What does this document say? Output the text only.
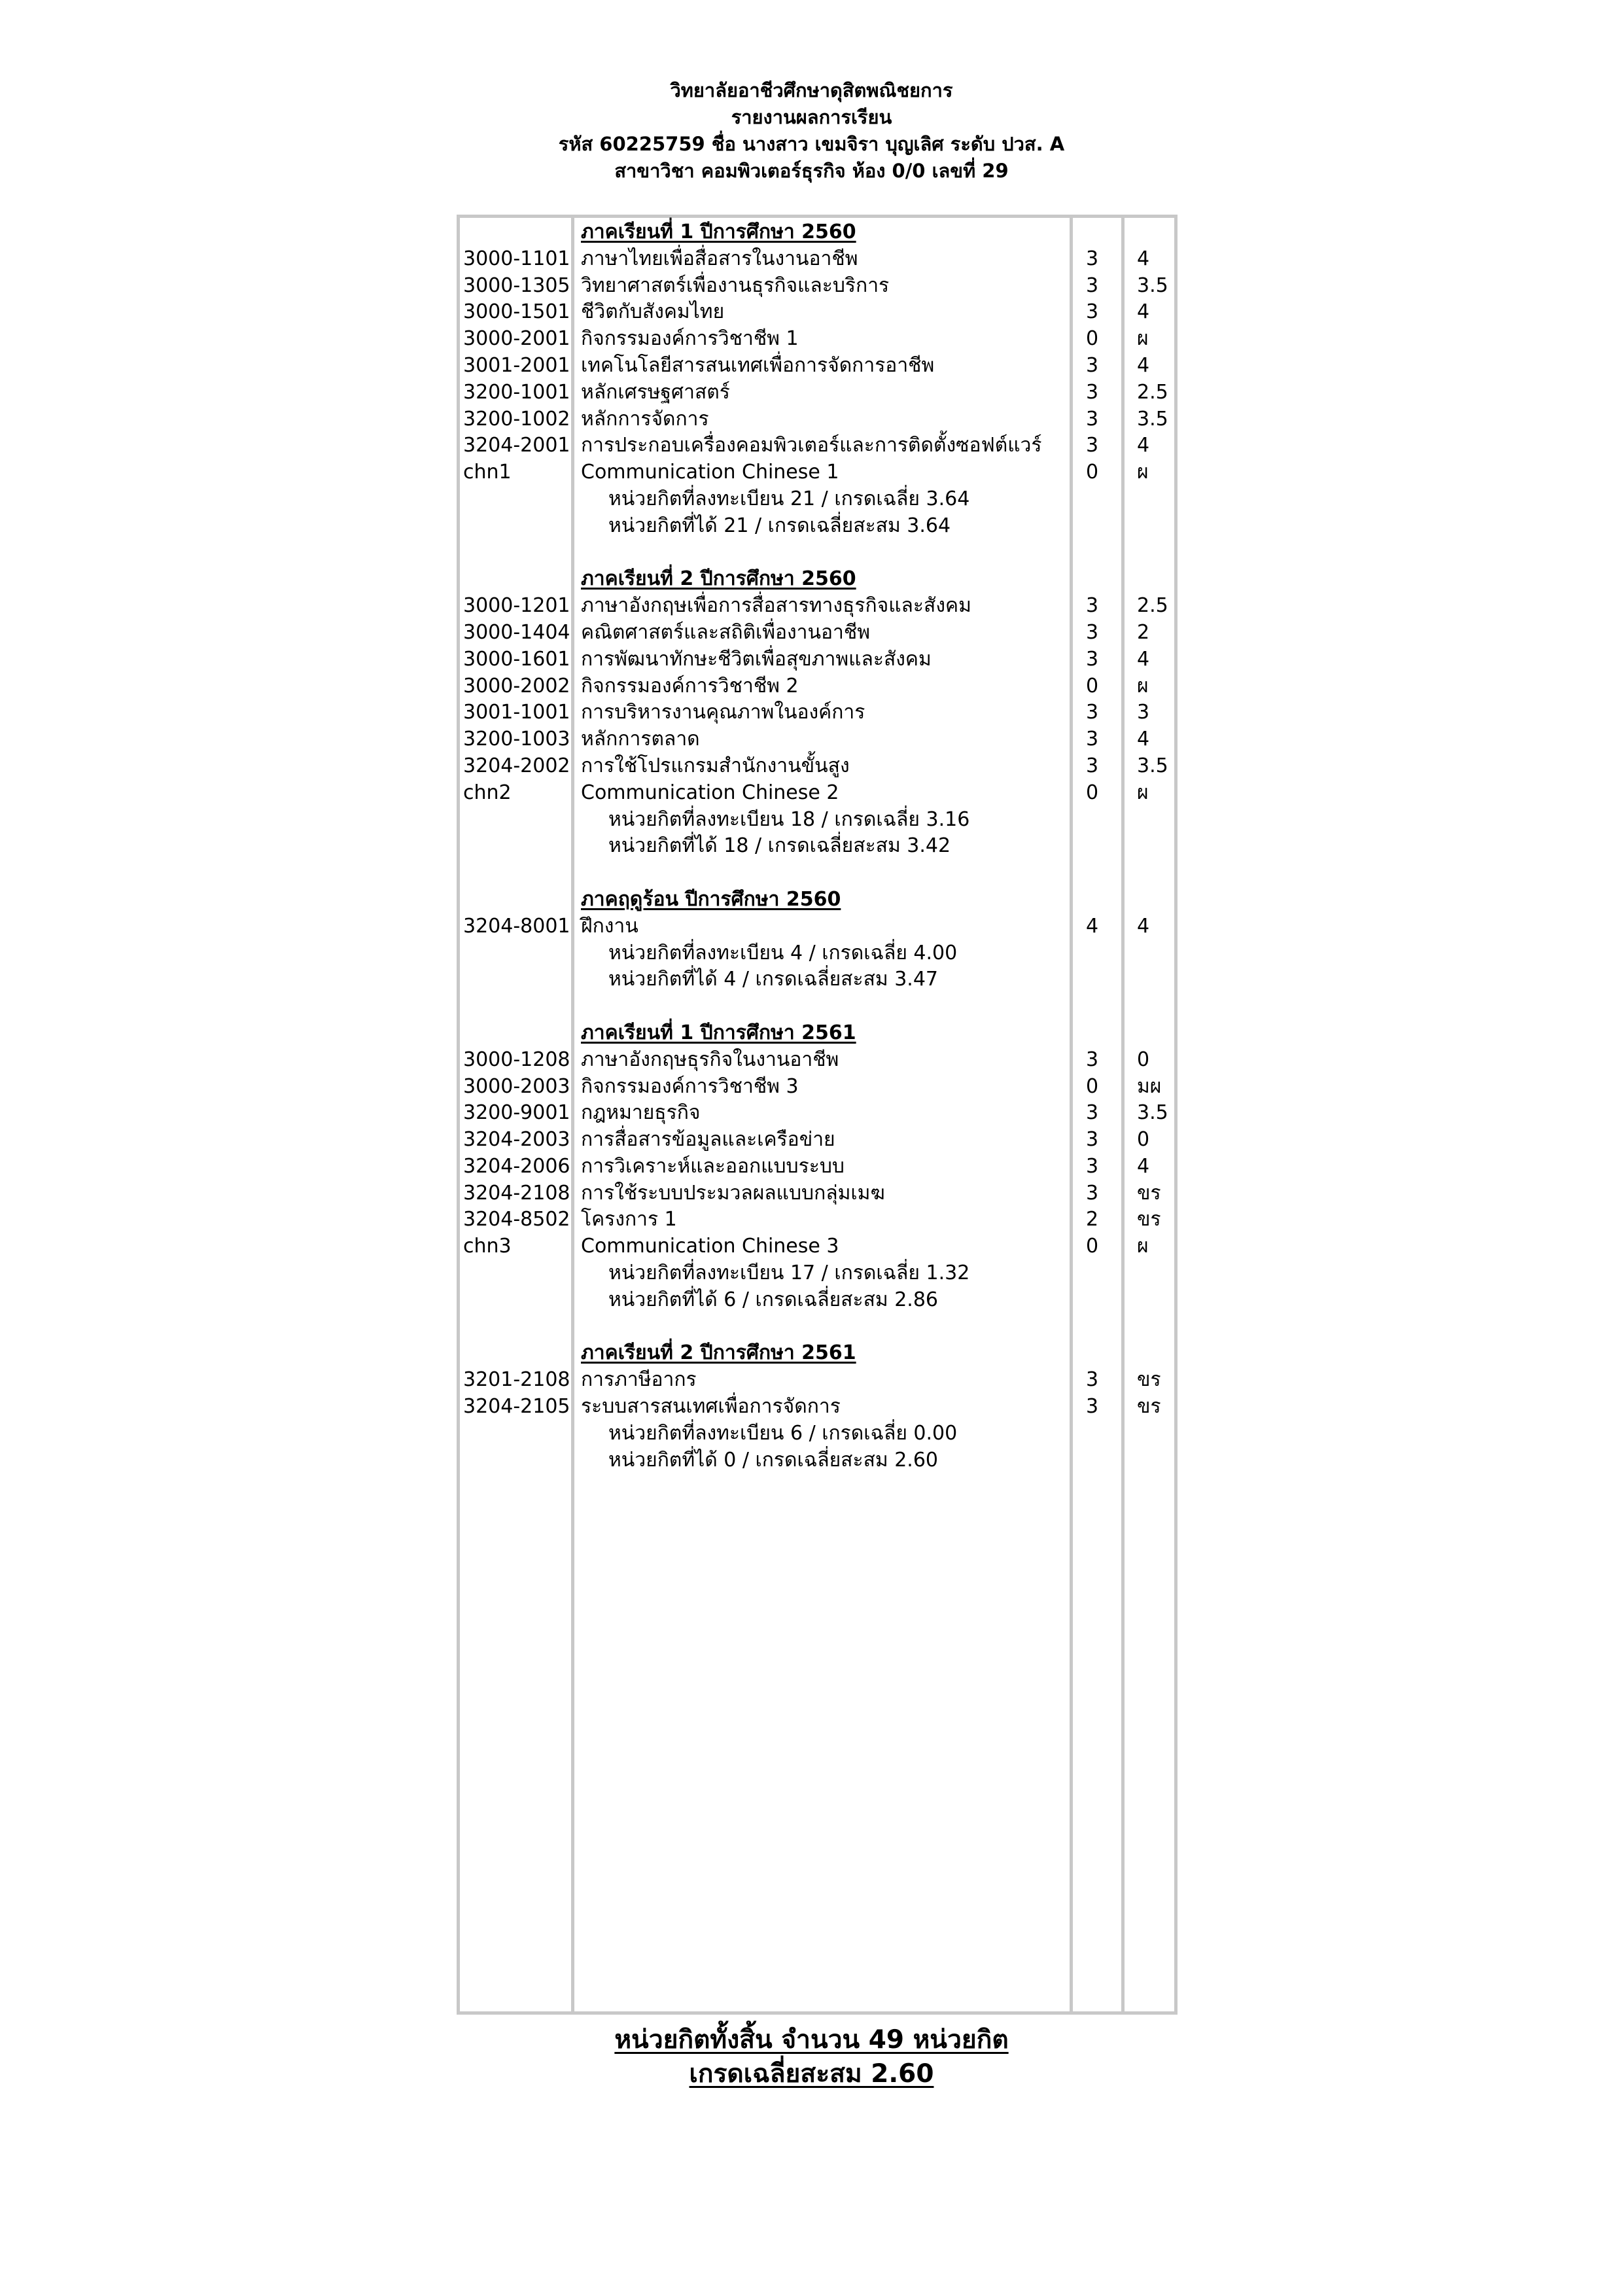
วิทยาลัยอาชีวศึกษาดุสิตพณิชยการ
รายงานผลการเรียน
รหัส 60225759 ชื่อ นางสาว เขมจิรา บุญเลิศ ระดับ ปวส. A
สาขาวิชา คอมพิวเตอร์ธุรกิจ ห้อง 0/0 เลขที่ 29
ภาคเรียนที่ 1 ปีการศึกษา 2560
3000-1101 ภาษาไทยเพื่อสื่อสารในงานอาชีพ	3 4
3000-1305 วิทยาศาสตร์เพื่องานธุรกิจและบริการ	3 3.5
3000-1501 ชีวิตกับสังคมไทย	3 4
3000-2001 กิจกรรมองค์การวิชาชีพ 1	0 ผ
3001-2001 เทคโนโลยีสารสนเทศเพื่อการจัดการอาชีพ	3 4
3200-1001 หลักเศรษฐศาสตร์	3 2.5
3200-1002 หลักการจัดการ	3 3.5
3204-2001 การประกอบเครื่องคอมพิวเตอร์และการติดตั้งซอฟต์แวร์ 3 4
chn1	Communication Chinese 1	0 ผ
หน่วยกิตที่ลงทะเบียน 21 / เกรดเฉลี่ย 3.64
หน่วยกิตที่ได้ 21 / เกรดเฉลี่ยสะสม 3.64
ภาคเรียนที่ 2 ปีการศึกษา 2560
3000-1201 ภาษาอังกฤษเพื่อการสื่อสารทางธุรกิจและสังคม	3 2.5
3000-1404 คณิตศาสตร์และสถิติเพื่องานอาชีพ	3 2
3000-1601 การพัฒนาทักษะชีวิตเพื่อสุขภาพและสังคม	3 4
3000-2002 กิจกรรมองค์การวิชาชีพ 2	0 ผ
3001-1001 การบริหารงานคุณภาพในองค์การ	3 3
3200-1003 หลักการตลาด	3 4
3204-2002 การใช้โปรแกรมสำนักงานขั้นสูง	3 3.5
chn2	Communication Chinese 2	0 ผ
หน่วยกิตที่ลงทะเบียน 18 / เกรดเฉลี่ย 3.16
หน่วยกิตที่ได้ 18 / เกรดเฉลี่ยสะสม 3.42
ภาคฤดูร้อน ปีการศึกษา 2560
3204-8001 ฝึกงาน	4 4
หน่วยกิตที่ลงทะเบียน 4 / เกรดเฉลี่ย 4.00
หน่วยกิตที่ได้ 4 / เกรดเฉลี่ยสะสม 3.47
ภาคเรียนที่ 1 ปีการศึกษา 2561
3000-1208 ภาษาอังกฤษธุรกิจในงานอาชีพ	3 0
3000-2003 กิจกรรมองค์การวิชาชีพ 3	0 มผ
3200-9001 กฎหมายธุรกิจ	3 3.5
3204-2003 การสื่อสารข้อมูลและเครือข่าย	3 0
3204-2006 การวิเคราะห์และออกแบบระบบ	3 4
3204-2108 การใช้ระบบประมวลผลแบบกลุ่มเมฆ	3 ขร
3204-8502 โครงการ 1	2 ขร
chn3	Communication Chinese 3	0 ผ
หน่วยกิตที่ลงทะเบียน 17 / เกรดเฉลี่ย 1.32
หน่วยกิตที่ได้ 6 / เกรดเฉลี่ยสะสม 2.86
ภาคเรียนที่ 2 ปีการศึกษา 2561
3201-2108 การภาษีอากร	3 ขร
3204-2105 ระบบสารสนเทศเพื่อการจัดการ	3 ขร
หน่วยกิตที่ลงทะเบียน 6 / เกรดเฉลี่ย 0.00
หน่วยกิตที่ได้ 0 / เกรดเฉลี่ยสะสม 2.60
หน่วยกิตทั้งสิ้น จำนวน 49 หน่วยกิต
เกรดเฉลี่ยสะสม 2.60
